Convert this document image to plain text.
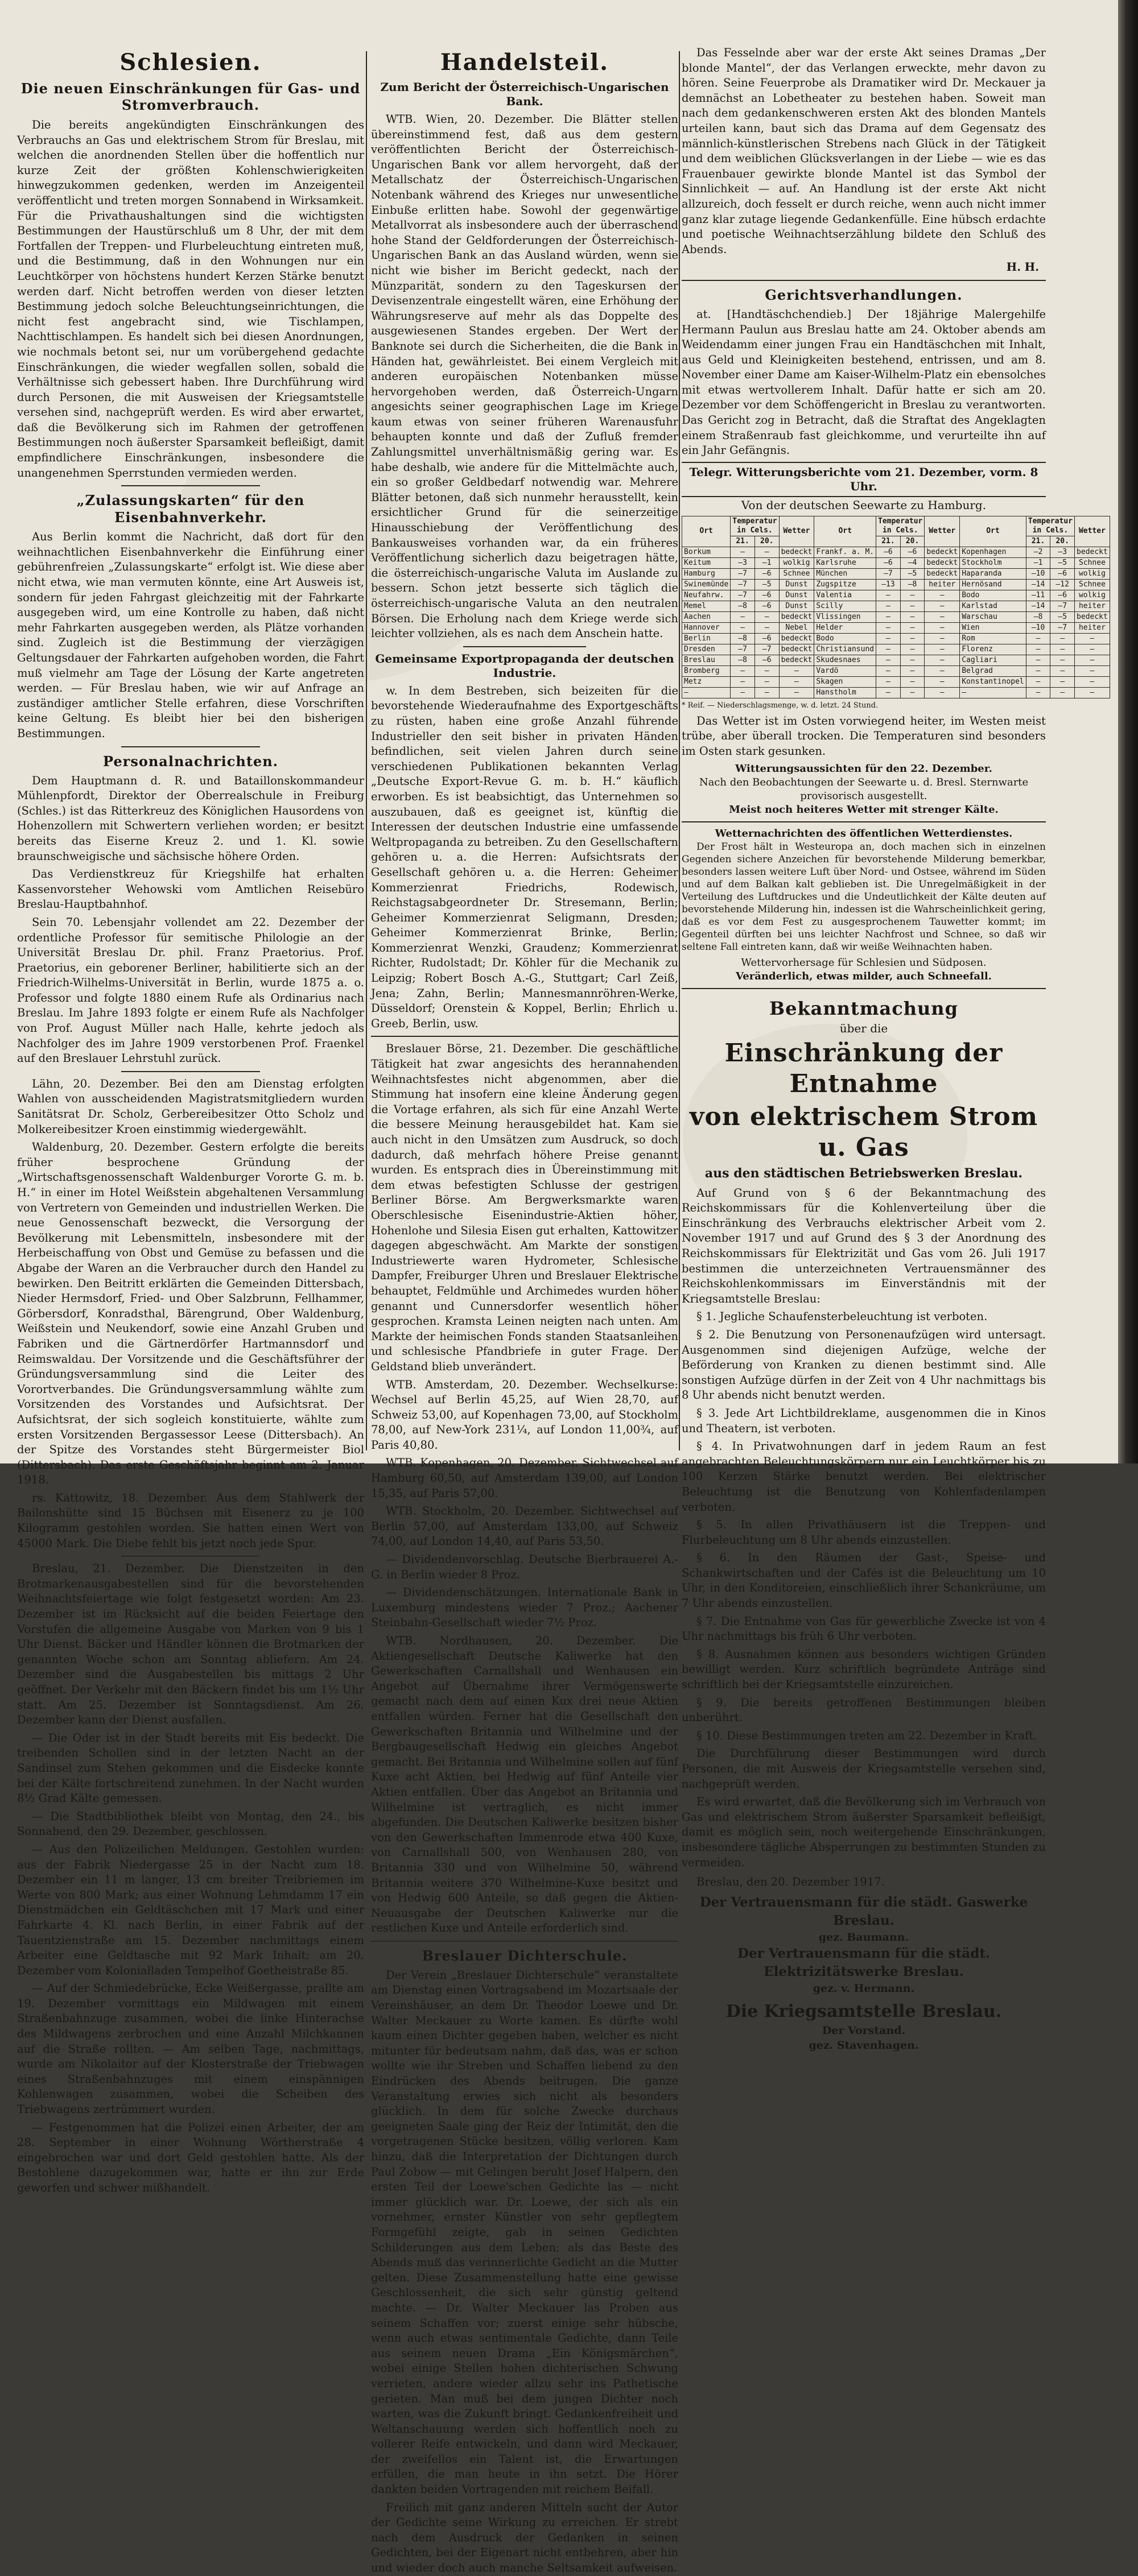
Schlesien.
Die neuen Einschränkungen für Gas- und Stromverbrauch.

Die bereits angekündigten Einschränkungen des Verbrauchs an Gas und elektrischem Strom für Breslau, mit welchen die anordnenden Stellen über die hoffentlich nur kurze Zeit der größten Kohlenschwierigkeiten hinwegzukommen gedenken, werden im Anzeigenteil veröffentlicht und treten morgen Sonnabend in Wirksamkeit. Für die Privathaushaltungen sind die wichtigsten Bestimmungen der Haustürschluß um 8 Uhr, der mit dem Fortfallen der Treppen- und Flurbeleuchtung eintreten muß, und die Bestimmung, daß in den Wohnungen nur ein Leuchtkörper von höchstens hundert Kerzen Stärke benutzt werden darf. Nicht betroffen werden von dieser letzten Bestimmung jedoch solche Beleuchtungseinrichtungen, die nicht fest angebracht sind, wie Tischlampen, Nachttischlampen. Es handelt sich bei diesen Anordnungen, wie nochmals betont sei, nur um vorübergehend gedachte Einschränkungen, die wieder wegfallen sollen, sobald die Verhältnisse sich gebessert haben. Ihre Durchführung wird durch Personen, die mit Ausweisen der Kriegsamtstelle versehen sind, nachgeprüft werden. Es wird aber erwartet, daß die Bevölkerung sich im Rahmen der getroffenen Bestimmungen noch äußerster Sparsamkeit befleißigt, damit empfindlichere Einschränkungen, insbesondere die unangenehmen Sperrstunden vermieden werden.

„Zulassungskarten“ für den Eisenbahnverkehr.

Aus Berlin kommt die Nachricht, daß dort für den weihnachtlichen Eisenbahnverkehr die Einführung einer gebührenfreien „Zulassungskarte“ erfolgt ist. Wie diese aber nicht etwa, wie man vermuten könnte, eine Art Ausweis ist, sondern für jeden Fahrgast gleichzeitig mit der Fahrkarte ausgegeben wird, um eine Kontrolle zu haben, daß nicht mehr Fahrkarten ausgegeben werden, als Plätze vorhanden sind. Zugleich ist die Bestimmung der vierzägigen Geltungsdauer der Fahrkarten aufgehoben worden, die Fahrt muß vielmehr am Tage der Lösung der Karte angetreten werden. — Für Breslau haben, wie wir auf Anfrage an zuständiger amtlicher Stelle erfahren, diese Vorschriften keine Geltung. Es bleibt hier bei den bisherigen Bestimmungen.

Personalnachrichten.

Dem Hauptmann d. R. und Bataillonskommandeur Mühlenpfordt, Direktor der Oberrealschule in Freiburg (Schles.) ist das Ritterkreuz des Königlichen Hausordens von Hohenzollern mit Schwertern verliehen worden; er besitzt bereits das Eiserne Kreuz 2. und 1. Kl. sowie braunschweigische und sächsische höhere Orden.

Das Verdienstkreuz für Kriegshilfe hat erhalten Kassenvorsteher Wehowski vom Amtlichen Reisebüro Breslau-Hauptbahnhof.

Sein 70. Lebensjahr vollendet am 22. Dezember der ordentliche Professor für semitische Philologie an der Universität Breslau Dr. phil. Franz Praetorius. Prof. Praetorius, ein geborener Berliner, habilitierte sich an der Friedrich-Wilhelms-Universität in Berlin, wurde 1875 a. o. Professor und folgte 1880 einem Rufe als Ordinarius nach Breslau. Im Jahre 1893 folgte er einem Rufe als Nachfolger von Prof. August Müller nach Halle, kehrte jedoch als Nachfolger des im Jahre 1909 verstorbenen Prof. Fraenkel auf den Breslauer Lehrstuhl zurück.

Lähn, 20. Dezember. Bei den am Dienstag erfolgten Wahlen von ausscheidenden Magistratsmitgliedern wurden Sanitätsrat Dr. Scholz, Gerbereibesitzer Otto Scholz und Molkereibesitzer Kroen einstimmig wiedergewählt.

Waldenburg, 20. Dezember. Gestern erfolgte die bereits früher besprochene Gründung der „Wirtschaftsgenossenschaft Waldenburger Vororte G. m. b. H.“ in einer im Hotel Weißstein abgehaltenen Versammlung von Vertretern von Gemeinden und industriellen Werken. Die neue Genossenschaft bezweckt, die Versorgung der Bevölkerung mit Lebensmitteln, insbesondere mit der Herbeischaffung von Obst und Gemüse zu befassen und die Abgabe der Waren an die Verbraucher durch den Handel zu bewirken. Den Beitritt erklärten die Gemeinden Dittersbach, Nieder Hermsdorf, Fried- und Ober Salzbrunn, Fellhammer, Görbersdorf, Konradsthal, Bärengrund, Ober Waldenburg, Weißstein und Neukendorf, sowie eine Anzahl Gruben und Fabriken und die Gärtnerdörfer Hartmannsdorf und Reimswaldau. Der Vorsitzende und die Geschäftsführer der Gründungsversammlung sind die Leiter des Vorortverbandes. Die Gründungsversammlung wählte zum Vorsitzenden des Vorstandes und Aufsichtsrat. Der Aufsichtsrat, der sich sogleich konstituierte, wählte zum ersten Vorsitzenden Bergassessor Leese (Dittersbach). An der Spitze des Vorstandes steht Bürgermeister Biol (Dittersbach). Das erste Geschäftsjahr beginnt am 2. Januar 1918.

rs. Kattowitz, 18. Dezember. Aus dem Stahlwerk der Bailonshütte sind 15 Büchsen mit Eisenerz zu je 100 Kilogramm gestohlen worden. Sie hatten einen Wert von 45000 Mark. Die Diebe fehlt bis jetzt noch jede Spur.

Breslau, 21. Dezember. Die Dienstzeiten in den Brotmarkenausgabestellen sind für die bevorstehenden Weihnachtsfeiertage wie folgt festgesetzt worden: Am 23. Dezember ist im Rücksicht auf die beiden Feiertage den Vorstufen die allgemeine Ausgabe von Marken von 9 bis 1 Uhr Dienst. Bäcker und Händler können die Brotmarken der genannten Woche schon am Sonntag abliefern. Am 24. Dezember sind die Ausgabestellen bis mittags 2 Uhr geöffnet. Der Verkehr mit den Bäckern findet bis um 1½ Uhr statt. Am 25. Dezember ist Sonntagsdienst. Am 26. Dezember kann der Dienst ausfallen.

— Die Oder ist in der Stadt bereits mit Eis bedeckt. Die treibenden Schollen sind in der letzten Nacht an der Sandinsel zum Stehen gekommen und die Eisdecke konnte bei der Kälte fortschreitend zunehmen. In der Nacht wurden 8½ Grad Kälte gemessen.

— Die Stadtbibliothek bleibt von Montag, den 24., bis Sonnabend, den 29. Dezember, geschlossen.

— Aus den Polizeilichen Meldungen. Gestohlen wurden: aus der Fabrik Niedergasse 25 in der Nacht zum 18. Dezember ein 11 m langer, 13 cm breiter Treibriemen im Werte von 800 Mark; aus einer Wohnung Lehmdamm 17 ein Dienstmädchen ein Geldtäschchen mit 17 Mark und einer Fahrkarte 4. Kl. nach Berlin, in einer Fabrik auf der Tauentzienstraße am 15. Dezember nachmittags einem Arbeiter eine Geldtasche mit 92 Mark Inhalt; am 20. Dezember vom Kolonialladen Tempelhof Goetheistraße 85.

— Auf der Schmiedebrücke, Ecke Weißergasse, prallte am 19. Dezember vormittags ein Mildwagen mit einem Straßenbahnzuge zusammen, wobei die linke Hinterachse des Mildwagens zerbrochen und eine Anzahl Milchkannen auf die Straße rollten. — Am selben Tage, nachmittags, wurde am Nikolaitor auf der Klosterstraße der Triebwagen eines Straßenbahnzuges mit einem einspännigen Kohlenwagen zusammen, wobei die Scheiben des Triebwagens zertrümmert wurden.

— Festgenommen hat die Polizei einen Arbeiter, der am 28. September in einer Wohnung Wörtherstraße 4 eingebrochen war und dort Geld gestohlen hatte. Als der Bestohlene dazugekommen war, hatte er ihn zur Erde geworfen und schwer mißhandelt.

Handelsteil.
Zum Bericht der Österreichisch-Ungarischen Bank.

WTB. Wien, 20. Dezember. Die Blätter stellen übereinstimmend fest, daß aus dem gestern veröffentlichten Bericht der Österreichisch-Ungarischen Bank vor allem hervorgeht, daß der Metallschatz der Österreichisch-Ungarischen Notenbank während des Krieges nur unwesentliche Einbuße erlitten habe. Sowohl der gegenwärtige Metallvorrat als insbesondere auch der überraschend hohe Stand der Geldforderungen der Österreichisch-Ungarischen Bank an das Ausland würden, wenn sie nicht wie bisher im Bericht gedeckt, nach der Münzparität, sondern zu den Tageskursen der Devisenzentrale eingestellt wären, eine Erhöhung der Währungsreserve auf mehr als das Doppelte des ausgewiesenen Standes ergeben. Der Wert der Banknote sei durch die Sicherheiten, die die Bank in Händen hat, gewährleistet. Bei einem Vergleich mit anderen europäischen Notenbanken müsse hervorgehoben werden, daß Österreich-Ungarn angesichts seiner geographischen Lage im Kriege kaum etwas von seiner früheren Warenausfuhr behaupten konnte und daß der Zufluß fremder Zahlungsmittel unverhältnismäßig gering war. Es habe deshalb, wie andere für die Mittelmächte auch, ein so großer Geldbedarf notwendig war. Mehrere Blätter betonen, daß sich nunmehr herausstellt, kein ersichtlicher Grund für die seinerzeitige Hinausschiebung der Veröffentlichung des Bankausweises vorhanden war, da ein früheres Veröffentlichung sicherlich dazu beigetragen hätte, die österreichisch-ungarische Valuta im Auslande zu bessern. Schon jetzt besserte sich täglich die österreichisch-ungarische Valuta an den neutralen Börsen. Die Erholung nach dem Kriege werde sich leichter vollziehen, als es nach dem Anschein hatte.

Gemeinsame Exportpropaganda der deutschen Industrie.

w. In dem Bestreben, sich beizeiten für die bevorstehende Wiederaufnahme des Exportgeschäfts zu rüsten, haben eine große Anzahl führende Industrieller den seit bisher in privaten Händen befindlichen, seit vielen Jahren durch seine verschiedenen Publikationen bekannten Verlag „Deutsche Export-Revue G. m. b. H.“ käuflich erworben. Es ist beabsichtigt, das Unternehmen so auszubauen, daß es geeignet ist, künftig die Interessen der deutschen Industrie eine umfassende Weltpropaganda zu betreiben. Zu den Gesellschaftern gehören u. a. die Herren: Aufsichtsrats der Gesellschaft gehören u. a. die Herren: Geheimer Kommerzienrat Friedrichs, Rodewisch, Reichstagsabgeordneter Dr. Stresemann, Berlin; Geheimer Kommerzienrat Seligmann, Dresden; Geheimer Kommerzienrat Brinke, Berlin; Kommerzienrat Wenzki, Graudenz; Kommerzienrat Richter, Rudolstadt; Dr. Köhler für die Mechanik zu Leipzig; Robert Bosch A.-G., Stuttgart; Carl Zeiß, Jena; Zahn, Berlin; Mannesmannröhren-Werke, Düsseldorf; Orenstein & Koppel, Berlin; Ehrlich u. Greeb, Berlin, usw.

Breslauer Börse, 21. Dezember. Die geschäftliche Tätigkeit hat zwar angesichts des herannahenden Weihnachtsfestes nicht abgenommen, aber die Stimmung hat insofern eine kleine Änderung gegen die Vortage erfahren, als sich für eine Anzahl Werte die bessere Meinung herausgebildet hat. Kam sie auch nicht in den Umsätzen zum Ausdruck, so doch dadurch, daß mehrfach höhere Preise genannt wurden. Es entsprach dies in Übereinstimmung mit dem etwas befestigten Schlusse der gestrigen Berliner Börse. Am Bergwerksmarkte waren Oberschlesische Eisenindustrie-Aktien höher, Hohenlohe und Silesia Eisen gut erhalten, Kattowitzer dagegen abgeschwächt. Am Markte der sonstigen Industriewerte waren Hydrometer, Schlesische Dampfer, Freiburger Uhren und Breslauer Elektrische behauptet, Feldmühle und Archimedes wurden höher genannt und Cunnersdorfer wesentlich höher gesprochen. Kramsta Leinen neigten nach unten. Am Markte der heimischen Fonds standen Staatsanleihen und schlesische Pfandbriefe in guter Frage. Der Geldstand blieb unverändert.

WTB. Amsterdam, 20. Dezember. Wechselkurse: Wechsel auf Berlin 45,25, auf Wien 28,70, auf Schweiz 53,00, auf Kopenhagen 73,00, auf Stockholm 78,00, auf New-York 231¼, auf London 11,00¾, auf Paris 40,80.

WTB. Kopenhagen, 20. Dezember. Sichtwechsel auf Hamburg 60,50, auf Amsterdam 139,00, auf London 15,35, auf Paris 57,00.

WTB. Stockholm, 20. Dezember. Sichtwechsel auf Berlin 57,00, auf Amsterdam 133,00, auf Schweiz 74,00, auf London 14,40, auf Paris 53,50.

— Dividendenvorschlag. Deutsche Bierbrauerei A.-G. in Berlin wieder 8 Proz.

— Dividendenschätzungen. Internationale Bank in Luxemburg mindestens wieder 7 Proz.; Aachener Steinbahn-Gesellschaft wieder 7½ Proz.

WTB. Nordhausen, 20. Dezember. Die Aktiengesellschaft Deutsche Kaliwerke hat den Gewerkschaften Carnallshall und Wenhausen ein Angebot auf Übernahme ihrer Vermögenswerte gemacht nach dem auf einen Kux drei neue Aktien entfallen würden. Ferner hat die Gesellschaft den Gewerkschaften Britannia und Wilhelmine und der Bergbaugesellschaft Hedwig ein gleiches Angebot gemacht. Bei Britannia und Wilhelmine sollen auf fünf Kuxe acht Aktien, bei Hedwig auf fünf Anteile vier Aktien entfallen. Über das Angebot an Britannia und Wilhelmine ist vertraglich, es nicht immer abgefunden. Die Deutschen Kaliwerke besitzen bisher von den Gewerkschaften Immenrode etwa 400 Kuxe, von Carnallshall 500, von Wenhausen 280, von Britannia 330 und von Wilhelmine 50, während Britannia weitere 370 Wilhelmine-Kuxe besitzt und von Hedwig 600 Anteile, so daß gegen die Aktien-Neuausgabe der Deutschen Kaliwerke nur die restlichen Kuxe und Anteile erforderlich sind.

Breslauer Dichterschule.

Der Verein „Breslauer Dichterschule“ veranstaltete am Dienstag einen Vortragsabend im Mozartsaale der Vereinshäuser, an dem Dr. Theodor Loewe und Dr. Walter Meckauer zu Worte kamen. Es dürfte wohl kaum einen Dichter gegeben haben, welcher es nicht mitunter für bedeutsam nahm, daß das, was er schon wollte wie ihr Streben und Schaffen liebend zu den Eindrücken des Abends beitrugen. Die ganze Veranstaltung erwies sich nicht als besonders glücklich. In dem für solche Zwecke durchaus geeigneten Saale ging der Reiz der Intimität, den die vorgetragenen Stücke besitzen, völlig verloren. Kam hinzu, daß die Interpretation der Dichtungen durch Paul Zobow — mit Gelingen beruht Josef Halpern, den ersten Teil der Loewe'schen Gedichte las — nicht immer glücklich war. Dr. Loewe, der sich als ein vornehmer, ernster Künstler von sehr gepflegtem Formgefühl zeigte, gab in seinen Gedichten Schilderungen aus dem Leben; als das Beste des Abends muß das verinnerlichte Gedicht an die Mutter gelten. Diese Zusammenstellung hatte eine gewisse Geschlossenheit, die sich sehr günstig geltend machte. — Dr. Walter Meckauer las Proben aus seinem Schaffen vor; zuerst einige sehr hübsche, wenn auch etwas sentimentale Gedichte, dann Teile aus seinem neuen Drama „Ein Königsmärchen“, wobei einige Stellen hohen dichterischen Schwung verrieten, andere wieder allzu sehr ins Pathetische gerieten. Man muß bei dem jungen Dichter noch warten, was die Zukunft bringt. Gedankenfreiheit und Weltanschauung werden sich hoffentlich noch zu vollerer Reife entwickeln, und dann wird Meckauer, der zweifellos ein Talent ist, die Erwartungen erfüllen, die man heute in ihn setzt. Die Hörer dankten beiden Vortragenden mit reichem Beifall.

Freilich mit ganz anderen Mitteln sucht der Autor der Gedichte seine Wirkung zu erreichen. Er strebt nach dem Ausdruck der Gedanken in seinen Gedichten, bei der Eigenart nicht entbehren, aber hin und wieder doch auch manche Seltsamkeit aufweisen.

Das Fesselnde aber war der erste Akt seines Dramas „Der blonde Mantel“, der das Verlangen erweckte, mehr davon zu hören. Seine Feuerprobe als Dramatiker wird Dr. Meckauer ja demnächst an Lobetheater zu bestehen haben. Soweit man nach dem gedankenschweren ersten Akt des blonden Mantels urteilen kann, baut sich das Drama auf dem Gegensatz des männlich-künstlerischen Strebens nach Glück in der Tätigkeit und dem weiblichen Glücksverlangen in der Liebe — wie es das Frauenbauer gewirkte blonde Mantel ist das Symbol der Sinnlichkeit — auf. An Handlung ist der erste Akt nicht allzureich, doch fesselt er durch reiche, wenn auch nicht immer ganz klar zutage liegende Gedankenfülle. Eine hübsch erdachte und poetische Weihnachtserzählung bildete den Schluß des Abends.

H. H.
Gerichtsverhandlungen.

at. [Handtäschchendieb.] Der 18jährige Malergehilfe Hermann Paulun aus Breslau hatte am 24. Oktober abends am Weidendamm einer jungen Frau ein Handtäschchen mit Inhalt, aus Geld und Kleinigkeiten bestehend, entrissen, und am 8. November einer Dame am Kaiser-Wilhelm-Platz ein ebensolches mit etwas wertvollerem Inhalt. Dafür hatte er sich am 20. Dezember vor dem Schöffengericht in Breslau zu verantworten. Das Gericht zog in Betracht, daß die Straftat des Angeklagten einem Straßenraub fast gleichkomme, und verurteilte ihn auf ein Jahr Gefängnis.

Telegr. Witterungsberichte vom 21. Dezember, vorm. 8 Uhr.
Von der deutschen Seewarte zu Hamburg.
Ort	Temperatur in Cels.		Wetter	Ort	Temperatur in Cels.		Wetter	Ort	Temperatur in Cels.		Wetter
	21.	20.			21.	20.			21.	20.	
Borkum	—	—	bedeckt	Frankf. a. M.	—6	—6	bedeckt	Kopenhagen	—2	—3	bedeckt
Keitum	—3	—1	wolkig	Karlsruhe	—6	—4	bedeckt	Stockholm	—1	—5	Schnee
Hamburg	—7	—6	Schnee	München	—7	—5	bedeckt	Haparanda	—10	—6	wolkig
Swinemünde	—7	—5	Dunst	Zugspitze	—13	—8	heiter	Hernösand	—14	—12	Schnee
Neufahrw.	—7	—6	Dunst	Valentia	—	—	—	Bodo	—11	—6	wolkig
Memel	—8	—6	Dunst	Scilly	—	—	—	Karlstad	—14	—7	heiter
Aachen	—	—	bedeckt	Vlissingen	—	—	—	Warschau	—8	—5	bedeckt
Hannover	—	—	Nebel	Helder	—	—	—	Wien	—10	—7	heiter
Berlin	—8	—6	bedeckt	Bodo	—	—	—	Rom	—	—	—
Dresden	—7	—7	bedeckt	Christiansund	—	—	—	Florenz	—	—	—
Breslau	—8	—6	bedeckt	Skudesnaes	—	—	—	Cagliari	—	—	—
Bromberg	—	—	—	Vardö	—	—	—	Belgrad	—	—	—
Metz	—	—	—	Skagen	—	—	—	Konstantinopel	—	—	—
—	—	—	—	Hanstholm	—	—	—	—	—	—	—
* Reif. — Niederschlagsmenge, w. d. letzt. 24 Stund.

Das Wetter ist im Osten vorwiegend heiter, im Westen meist trübe, aber überall trocken. Die Temperaturen sind besonders im Osten stark gesunken.

Witterungsaussichten für den 22. Dezember.
Nach den Beobachtungen der Seewarte u. d. Bresl. Sternwarte provisorisch ausgestellt.
Meist noch heiteres Wetter mit strenger Kälte.
Wetternachrichten des öffentlichen Wetterdienstes.

Der Frost hält in Westeuropa an, doch machen sich in einzelnen Gegenden sichere Anzeichen für bevorstehende Milderung bemerkbar, besonders lassen weitere Luft über Nord- und Ostsee, während im Süden und auf dem Balkan kalt geblieben ist. Die Unregelmäßigkeit in der Verteilung des Luftdruckes und die Undeutlichkeit der Kälte deuten auf bevorstehende Milderung hin, indessen ist die Wahrscheinlichkeit gering, daß es vor dem Fest zu ausgesprochenem Tauwetter kommt; im Gegenteil dürften bei uns leichter Nachfrost und Schnee, so daß wir seltene Fall eintreten kann, daß wir weiße Weihnachten haben.

Wettervorhersage für Schlesien und Südposen.
Veränderlich, etwas milder, auch Schneefall.
Bekanntmachung
über die
Einschränkung der Entnahme
von elektrischem Strom u. Gas
aus den städtischen Betriebswerken Breslau.

Auf Grund von § 6 der Bekanntmachung des Reichskommissars für die Kohlenverteilung über die Einschränkung des Verbrauchs elektrischer Arbeit vom 2. November 1917 und auf Grund des § 3 der Anordnung des Reichskommissars für Elektrizität und Gas vom 26. Juli 1917 bestimmen die unterzeichneten Vertrauensmänner des Reichskohlenkommissars im Einverständnis mit der Kriegsamtstelle Breslau:

§ 1. Jegliche Schaufensterbeleuchtung ist verboten.

§ 2. Die Benutzung von Personenaufzügen wird untersagt. Ausgenommen sind diejenigen Aufzüge, welche der Beförderung von Kranken zu dienen bestimmt sind. Alle sonstigen Aufzüge dürfen in der Zeit von 4 Uhr nachmittags bis 8 Uhr abends nicht benutzt werden.

§ 3. Jede Art Lichtbildreklame, ausgenommen die in Kinos und Theatern, ist verboten.

§ 4. In Privatwohnungen darf in jedem Raum an fest angebrachten Beleuchtungskörpern nur ein Leuchtkörper bis zu 100 Kerzen Stärke benutzt werden. Bei elektrischer Beleuchtung ist die Benutzung von Kohlenfadenlampen verboten.

§ 5. In allen Privathäusern ist die Treppen- und Flurbeleuchtung um 8 Uhr abends einzustellen.

§ 6. In den Räumen der Gast-, Speise- und Schankwirtschaften und der Cafés ist die Beleuchtung um 10 Uhr, in den Konditoreien, einschließlich ihrer Schankräume, um 7 Uhr abends einzustellen.

§ 7. Die Entnahme von Gas für gewerbliche Zwecke ist von 4 Uhr nachmittags bis früh 6 Uhr verboten.

§ 8. Ausnahmen können aus besonders wichtigen Gründen bewilligt werden. Kurz schriftlich begründete Anträge sind schriftlich bei der Kriegsamtstelle einzureichen.

§ 9. Die bereits getroffenen Bestimmungen bleiben unberührt.

§ 10. Diese Bestimmungen treten am 22. Dezember in Kraft.

Die Durchführung dieser Bestimmungen wird durch Personen, die mit Ausweis der Kriegsamtstelle versehen sind, nachgeprüft werden.

Es wird erwartet, daß die Bevölkerung sich im Verbrauch von Gas und elektrischem Strom äußerster Sparsamkeit befleißigt, damit es möglich sein, noch weitergehende Einschränkungen, insbesondere tägliche Absperrungen zu bestimmten Stunden zu vermeiden.

Breslau, den 20. Dezember 1917.
Der Vertrauensmann für die städt. Gaswerke Breslau.
gez. Baumann.
Der Vertrauensmann für die städt. Elektrizitätswerke Breslau.
gez. v. Hermann.
Die Kriegsamtstelle Breslau.
Der Vorstand.
gez. Stavenhagen.
